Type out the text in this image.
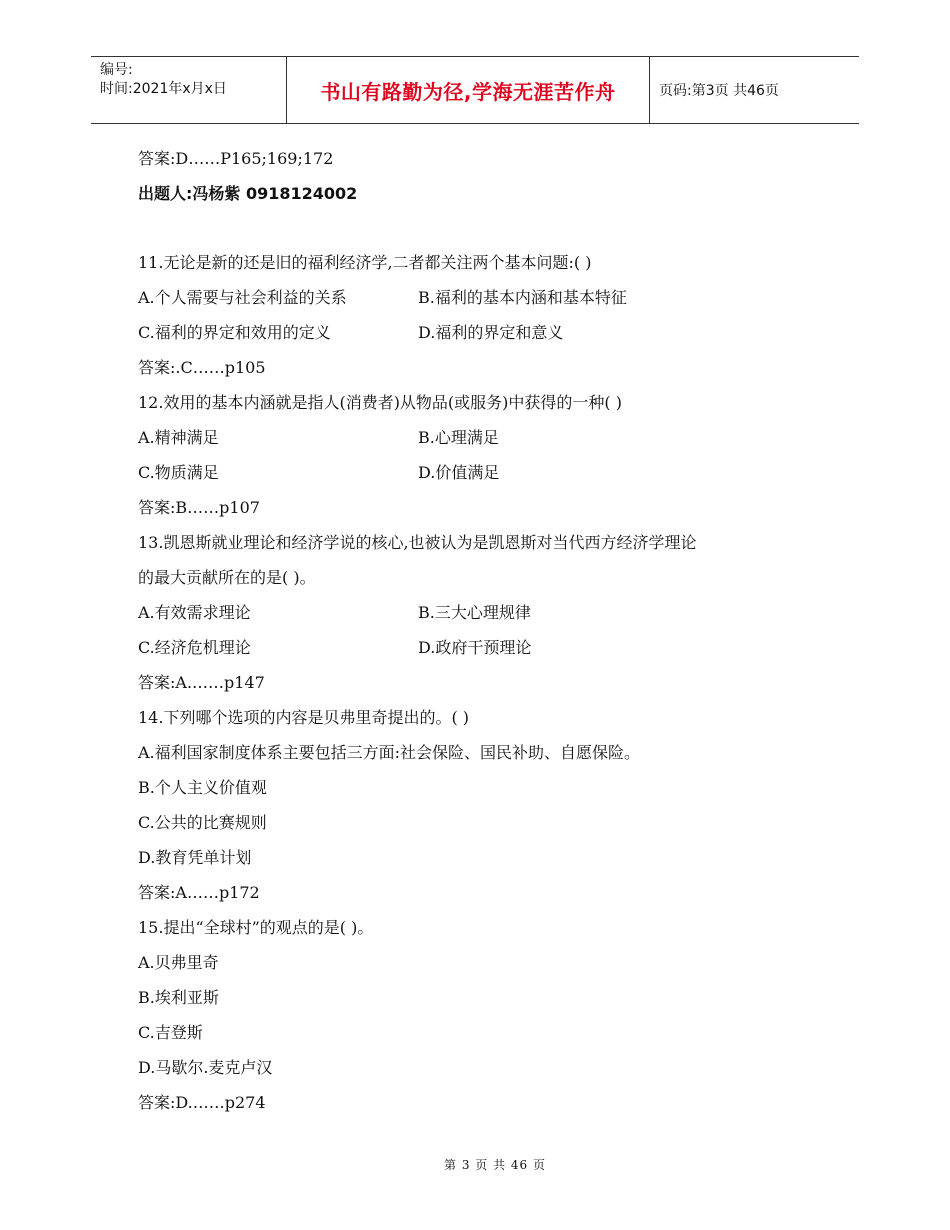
编号:
时间:2021年x月x日	书山有路勤为径,学海无涯苦作舟	页码:第3页 共46页
答案:D……P165;169;172
出题人:冯杨紫 0918124002
11.无论是新的还是旧的福利经济学,二者都关注两个基本问题:( )
A.个人需要与社会利益的关系	B.福利的基本内涵和基本特征
C.福利的界定和效用的定义	D.福利的界定和意义
答案:.C……p105
12.效用的基本内涵就是指人(消费者)从物品(或服务)中获得的一种( )
A.精神满足	B.心理满足
C.物质满足	D.价值满足
答案:B……p107
13.凯恩斯就业理论和经济学说的核心,也被认为是凯恩斯对当代西方经济学理论
的最大贡献所在的是( )。
A.有效需求理论	B.三大心理规律
C.经济危机理论	D.政府干预理论
答案:A.……p147
14.下列哪个选项的内容是贝弗里奇提出的。( )
A.福利国家制度体系主要包括三方面:社会保险、国民补助、自愿保险。
B.个人主义价值观
C.公共的比赛规则
D.教育凭单计划
答案:A……p172
15.提出“全球村”的观点的是( )。
A.贝弗里奇
B.埃利亚斯
C.吉登斯
D.马歇尔.麦克卢汉
答案:D.……p274
第 3 页 共 46 页
